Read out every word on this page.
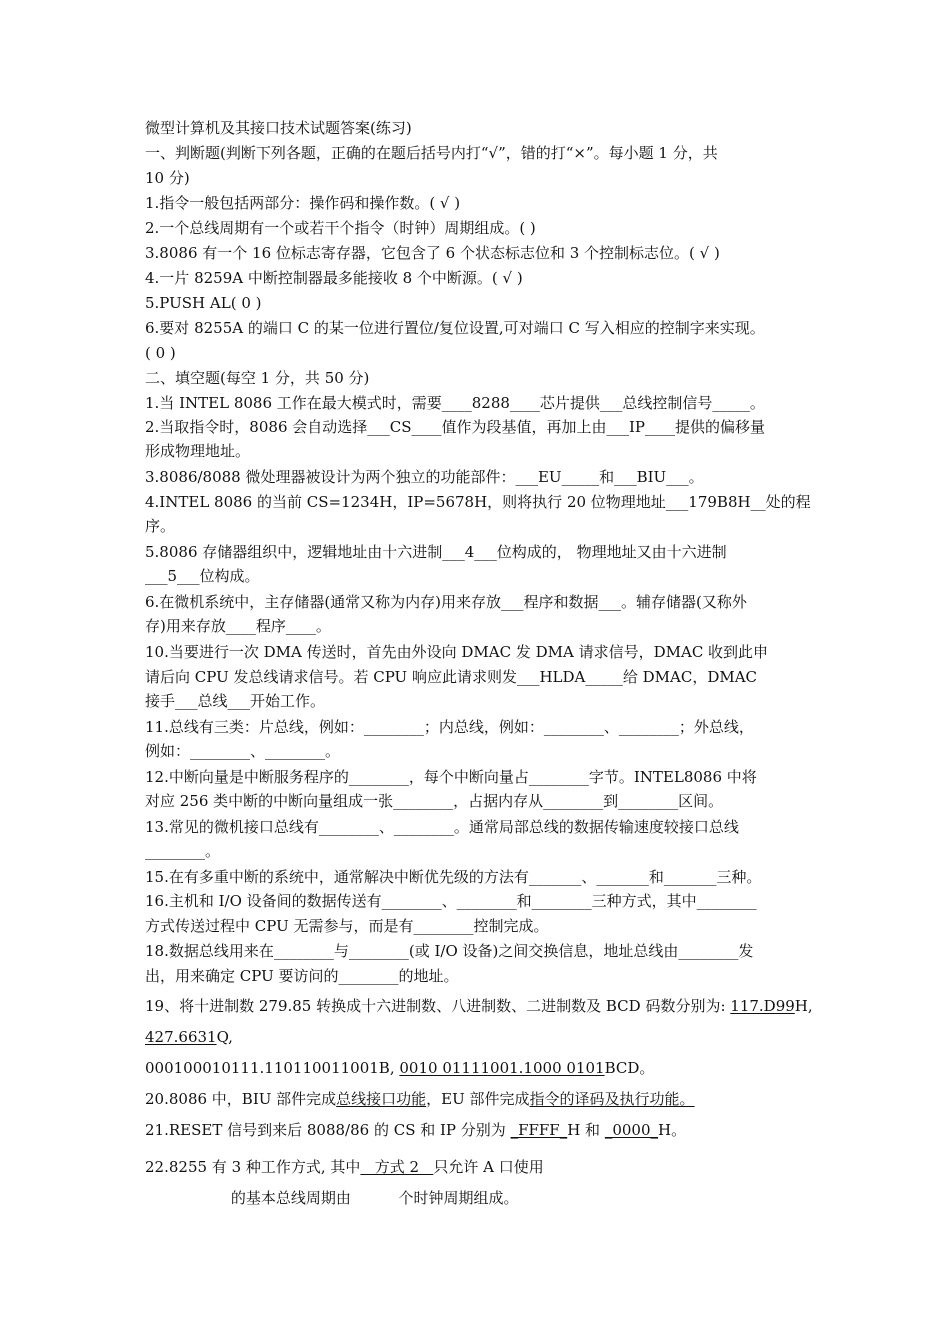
微型计算机及其接口技术试题答案(练习)
一、判断题(判断下列各题，正确的在题后括号内打“√”，错的打“×”。每小题 1 分，共
10 分)
1.指令一般包括两部分：操作码和操作数。( √ )
2.一个总线周期有一个或若干个指令（时钟）周期组成。( )
3.8086 有一个 16 位标志寄存器，它包含了 6 个状态标志位和 3 个控制标志位。( √ )
4.一片 8259A 中断控制器最多能接收 8 个中断源。( √ )
5.PUSH AL( 0 )
6.要对 8255A 的端口 C 的某一位进行置位/复位设置,可对端口 C 写入相应的控制字来实现。
( 0 )
二、填空题(每空 1 分，共 50 分)
1.当 INTEL 8086 工作在最大模式时，需要____8288____芯片提供___总线控制信号_____。
2.当取指令时，8086 会自动选择___CS____值作为段基值，再加上由___IP____提供的偏移量
形成物理地址。
3.8086/8088 微处理器被设计为两个独立的功能部件：___EU_____和___BIU___。
4.INTEL 8086 的当前 CS=1234H，IP=5678H，则将执行 20 位物理地址___179B8H__处的程
序。
5.8086 存储器组织中，逻辑地址由十六进制___4___位构成的， 物理地址又由十六进制
___5___位构成。
6.在微机系统中，主存储器(通常又称为内存)用来存放___程序和数据___。辅存储器(又称外
存)用来存放____程序____。
10.当要进行一次 DMA 传送时，首先由外设向 DMAC 发 DMA 请求信号，DMAC 收到此申
请后向 CPU 发总线请求信号。若 CPU 响应此请求则发___HLDA_____给 DMAC，DMAC
接手___总线___开始工作。
11.总线有三类：片总线，例如：________；内总线，例如：________、________；外总线，
例如：________、________。
12.中断向量是中断服务程序的________，每个中断向量占________字节。INTEL8086 中将
对应 256 类中断的中断向量组成一张________，占据内存从________到________区间。
13.常见的微机接口总线有________、________。通常局部总线的数据传输速度较接口总线
________。
15.在有多重中断的系统中，通常解决中断优先级的方法有_______、_______和_______三种。
16.主机和 I/O 设备间的数据传送有________、________和________三种方式，其中________
方式传送过程中 CPU 无需参与，而是有________控制完成。
18.数据总线用来在________与________(或 I/O 设备)之间交换信息，地址总线由________发
出，用来确定 CPU 要访问的________的地址。
19、将十进制数 279.85 转换成十六进制数、八进制数、二进制数及 BCD 码数分别为: 117.D99H,
427.6631Q,
000100010111.110110011001B, 0010 01111001.1000 0101BCD。
20.8086 中，BIU 部件完成总线接口功能，EU 部件完成指令的译码及执行功能。
21.RESET 信号到来后 8088/86 的 CS 和 IP 分别为 _FFFF_H 和 _0000_H。
22.8255 有 3 种工作方式, 其中   方式 2   只允许 A 口使用
的基本总线周期由          个时钟周期组成。
